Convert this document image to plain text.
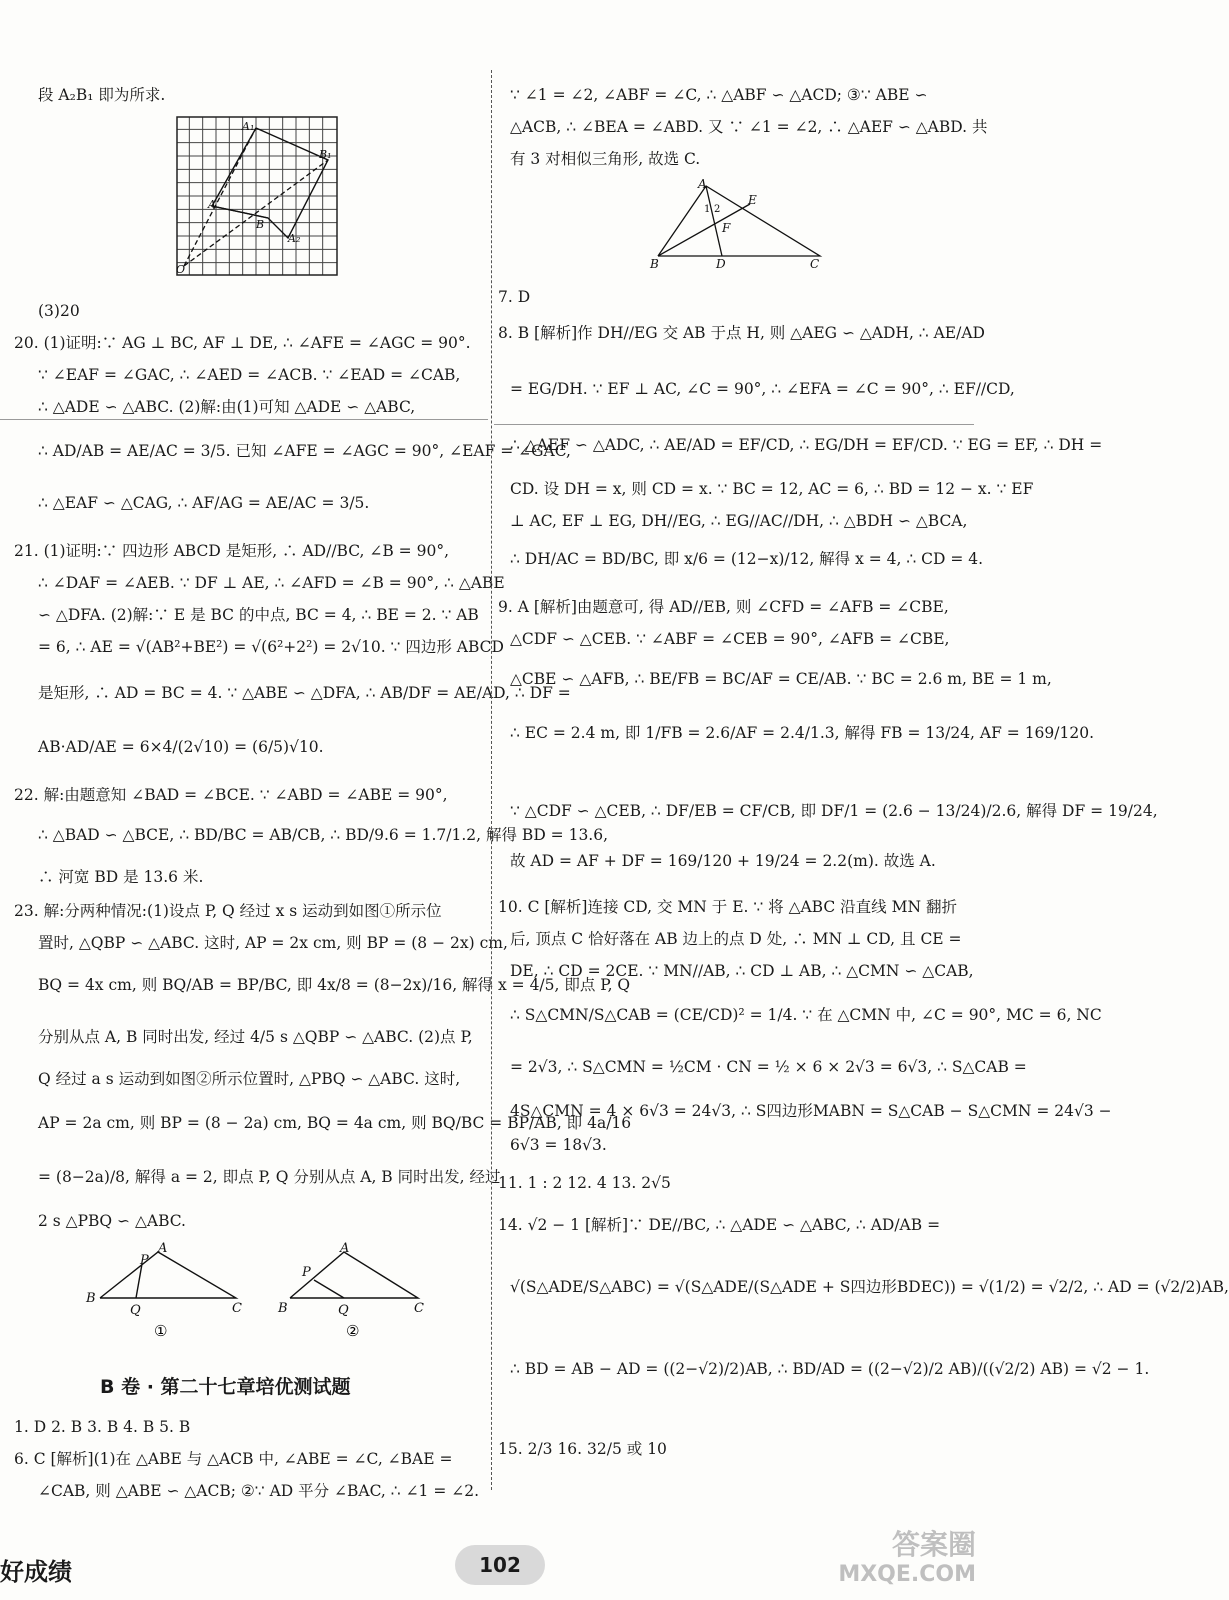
段 A₂B₁ 即为所求.
A₁
B₁
A
B
A₂
O
(3)20
20. (1)证明:∵ AG ⊥ BC, AF ⊥ DE, ∴ ∠AFE = ∠AGC = 90°.
∵ ∠EAF = ∠GAC, ∴ ∠AED = ∠ACB. ∵ ∠EAD = ∠CAB,
∴ △ADE ∽ △ABC. (2)解:由(1)可知 △ADE ∽ △ABC,
∴ AD/AB = AE/AC = 3/5. 已知 ∠AFE = ∠AGC = 90°, ∠EAF = ∠GAC,
∴ △EAF ∽ △CAG, ∴ AF/AG = AE/AC = 3/5.
21. (1)证明:∵ 四边形 ABCD 是矩形, ∴ AD//BC, ∠B = 90°,
∴ ∠DAF = ∠AEB. ∵ DF ⊥ AE, ∴ ∠AFD = ∠B = 90°, ∴ △ABE
∽ △DFA. (2)解:∵ E 是 BC 的中点, BC = 4, ∴ BE = 2. ∵ AB
= 6, ∴ AE = √(AB²+BE²) = √(6²+2²) = 2√10. ∵ 四边形 ABCD
是矩形, ∴ AD = BC = 4. ∵ △ABE ∽ △DFA, ∴ AB/DF = AE/AD, ∴ DF =
AB·AD/AE = 6×4/(2√10) = (6/5)√10.
22. 解:由题意知 ∠BAD = ∠BCE. ∵ ∠ABD = ∠ABE = 90°,
∴ △BAD ∽ △BCE, ∴ BD/BC = AB/CB, ∴ BD/9.6 = 1.7/1.2, 解得 BD = 13.6,
∴ 河宽 BD 是 13.6 米.
23. 解:分两种情况:(1)设点 P, Q 经过 x s 运动到如图①所示位
置时, △QBP ∽ △ABC. 这时, AP = 2x cm, 则 BP = (8 − 2x) cm,
BQ = 4x cm, 则 BQ/AB = BP/BC, 即 4x/8 = (8−2x)/16, 解得 x = 4/5, 即点 P, Q
分别从点 A, B 同时出发, 经过 4/5 s △QBP ∽ △ABC. (2)点 P,
Q 经过 a s 运动到如图②所示位置时, △PBQ ∽ △ABC. 这时,
AP = 2a cm, 则 BP = (8 − 2a) cm, BQ = 4a cm, 则 BQ/BC = BP/AB, 即 4a/16
= (8−2a)/8, 解得 a = 2, 即点 P, Q 分别从点 A, B 同时出发, 经过
2 s △PBQ ∽ △ABC.
A
P
B
Q	C
A
P
B	Q	C
①	②
B 卷 · 第二十七章培优测试题
1. D 2. B 3. B 4. B 5. B
6. C [解析](1)在 △ABE 与 △ACB 中, ∠ABE = ∠C, ∠BAE =
∠CAB, 则 △ABE ∽ △ACB; ②∵ AD 平分 ∠BAC, ∴ ∠1 = ∠2.
∵ ∠1 = ∠2, ∠ABF = ∠C, ∴ △ABF ∽ △ACD; ③∵ ABE ∽
△ACB, ∴ ∠BEA = ∠ABD. 又 ∵ ∠1 = ∠2, ∴ △AEF ∽ △ABD. 共
有 3 对相似三角形, 故选 C.
A
1 2
E
F
B	D	C
7. D
8. B [解析]作 DH//EG 交 AB 于点 H, 则 △AEG ∽ △ADH, ∴ AE/AD
= EG/DH. ∵ EF ⊥ AC, ∠C = 90°, ∴ ∠EFA = ∠C = 90°, ∴ EF//CD,
∴ △AEF ∽ △ADC, ∴ AE/AD = EF/CD, ∴ EG/DH = EF/CD. ∵ EG = EF, ∴ DH =
CD. 设 DH = x, 则 CD = x. ∵ BC = 12, AC = 6, ∴ BD = 12 − x. ∵ EF
⊥ AC, EF ⊥ EG, DH//EG, ∴ EG//AC//DH, ∴ △BDH ∽ △BCA,
∴ DH/AC = BD/BC, 即 x/6 = (12−x)/12, 解得 x = 4, ∴ CD = 4.
9. A [解析]由题意可, 得 AD//EB, 则 ∠CFD = ∠AFB = ∠CBE,
△CDF ∽ △CEB. ∵ ∠ABF = ∠CEB = 90°, ∠AFB = ∠CBE,
△CBE ∽ △AFB, ∴ BE/FB = BC/AF = CE/AB. ∵ BC = 2.6 m, BE = 1 m,
∴ EC = 2.4 m, 即 1/FB = 2.6/AF = 2.4/1.3, 解得 FB = 13/24, AF = 169/120.
∵ △CDF ∽ △CEB, ∴ DF/EB = CF/CB, 即 DF/1 = (2.6 − 13/24)/2.6, 解得 DF = 19/24,
故 AD = AF + DF = 169/120 + 19/24 = 2.2(m). 故选 A.
10. C [解析]连接 CD, 交 MN 于 E. ∵ 将 △ABC 沿直线 MN 翻折
后, 顶点 C 恰好落在 AB 边上的点 D 处, ∴ MN ⊥ CD, 且 CE =
DE, ∴ CD = 2CE. ∵ MN//AB, ∴ CD ⊥ AB, ∴ △CMN ∽ △CAB,
∴ S△CMN/S△CAB = (CE/CD)² = 1/4. ∵ 在 △CMN 中, ∠C = 90°, MC = 6, NC
= 2√3, ∴ S△CMN = ½CM · CN = ½ × 6 × 2√3 = 6√3, ∴ S△CAB =
4S△CMN = 4 × 6√3 = 24√3, ∴ S四边形MABN = S△CAB − S△CMN = 24√3 −
6√3 = 18√3.
11. 1 : 2 12. 4 13. 2√5
14. √2 − 1 [解析]∵ DE//BC, ∴ △ADE ∽ △ABC, ∴ AD/AB =
√(S△ADE/S△ABC) = √(S△ADE/(S△ADE + S四边形BDEC)) = √(1/2) = √2/2, ∴ AD = (√2/2)AB,
∴ BD = AB − AD = ((2−√2)/2)AB, ∴ BD/AD = ((2−√2)/2 AB)/((√2/2) AB) = √2 − 1.
15. 2/3 16. 32/5 或 10
好成绩	102
答案圈
MXQE.COM
